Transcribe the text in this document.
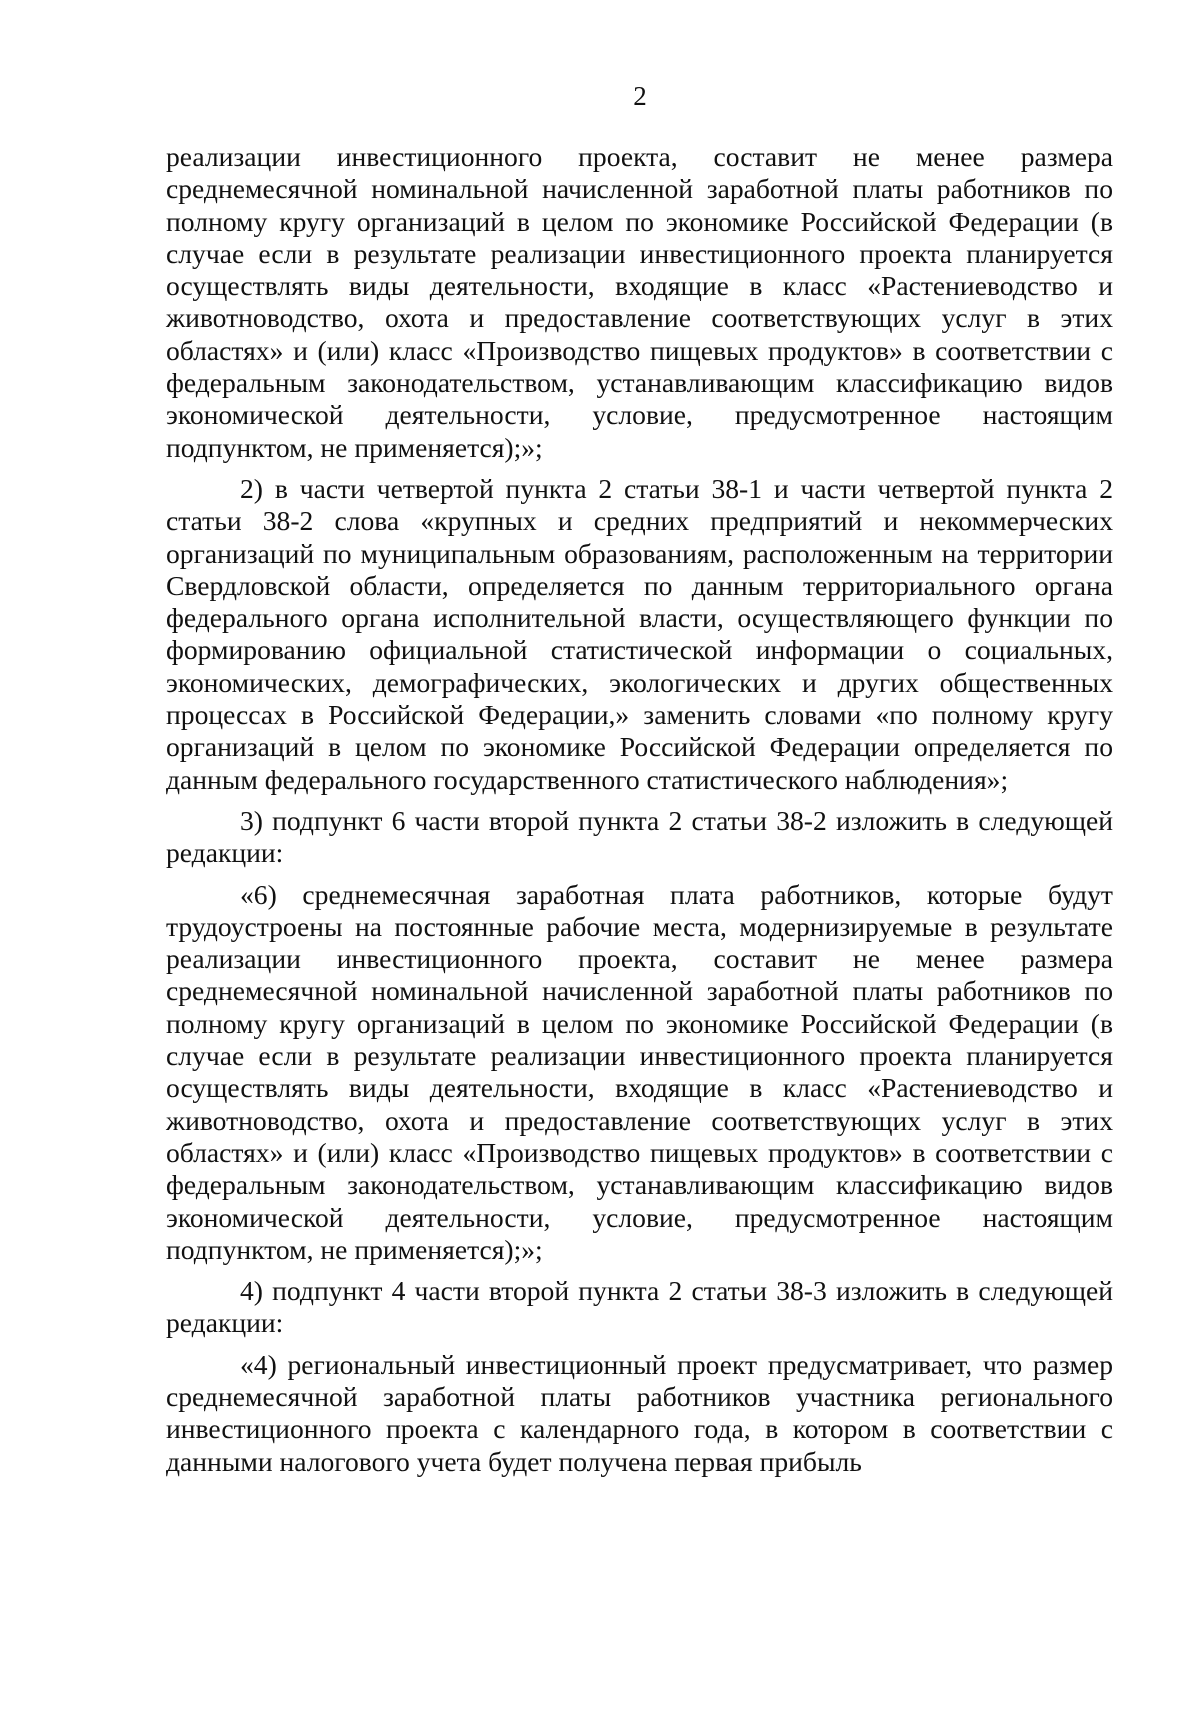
2

реализации инвестиционного проекта, составит не менее размера среднемесячной номинальной начисленной заработной платы работников по полному кругу организаций в целом по экономике Российской Федерации (в случае если в результате реализации инвестиционного проекта планируется осуществлять виды деятельности, входящие в класс «Растениеводство и животноводство, охота и предоставление соответствующих услуг в этих областях» и (или) класс «Производство пищевых продуктов» в соответствии с федеральным законодательством, устанавливающим классификацию видов экономической деятельности, условие, предусмотренное настоящим подпунктом, не применяется);»;

2) в части четвертой пункта 2 статьи 38-1 и части четвертой пункта 2 статьи 38-2 слова «крупных и средних предприятий и некоммерческих организаций по муниципальным образованиям, расположенным на территории Свердловской области, определяется по данным территориального органа федерального органа исполнительной власти, осуществляющего функции по формированию официальной статистической информации о социальных, экономических, демографических, экологических и других общественных процессах в Российской Федерации,» заменить словами «по полному кругу организаций в целом по экономике Российской Федерации определяется по данным федерального государственного статистического наблюдения»;

3) подпункт 6 части второй пункта 2 статьи 38-2 изложить в следующей редакции:

«6) среднемесячная заработная плата работников, которые будут трудоустроены на постоянные рабочие места, модернизируемые в результате реализации инвестиционного проекта, составит не менее размера среднемесячной номинальной начисленной заработной платы работников по полному кругу организаций в целом по экономике Российской Федерации (в случае если в результате реализации инвестиционного проекта планируется осуществлять виды деятельности, входящие в класс «Растениеводство и животноводство, охота и предоставление соответствующих услуг в этих областях» и (или) класс «Производство пищевых продуктов» в соответствии с федеральным законодательством, устанавливающим классификацию видов экономической деятельности, условие, предусмотренное настоящим подпунктом, не применяется);»;

4) подпункт 4 части второй пункта 2 статьи 38-3 изложить в следующей редакции:

«4) региональный инвестиционный проект предусматривает, что размер среднемесячной заработной платы работников участника регионального инвестиционного проекта с календарного года, в котором в соответствии с данными налогового учета будет получена первая прибыль
